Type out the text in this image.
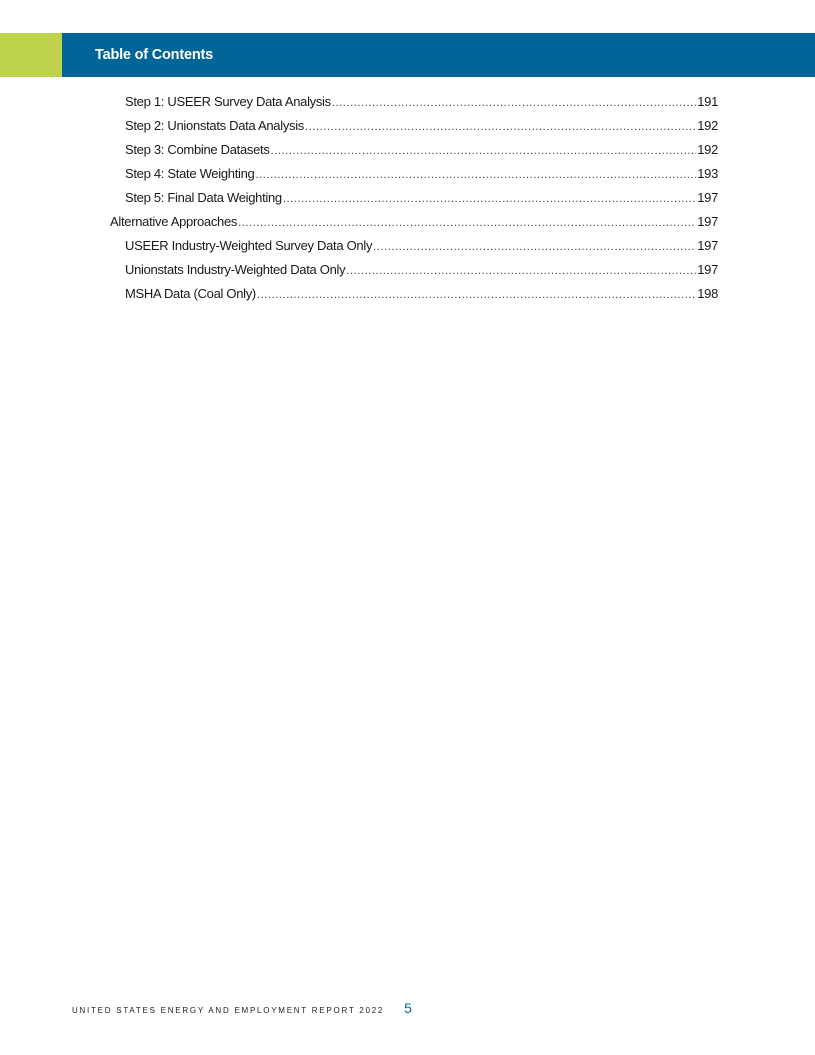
Table of Contents
Step 1: USEER Survey Data Analysis .....	191
Step 2: Unionstats Data Analysis .....	192
Step 3: Combine Datasets .....	192
Step 4: State Weighting .....	193
Step 5: Final Data Weighting .....	197
Alternative Approaches .....	197
USEER Industry-Weighted Survey Data Only .....	197
Unionstats Industry-Weighted Data Only .....	197
MSHA Data (Coal Only) .....	198
UNITED STATES ENERGY AND EMPLOYMENT REPORT 2022 5
